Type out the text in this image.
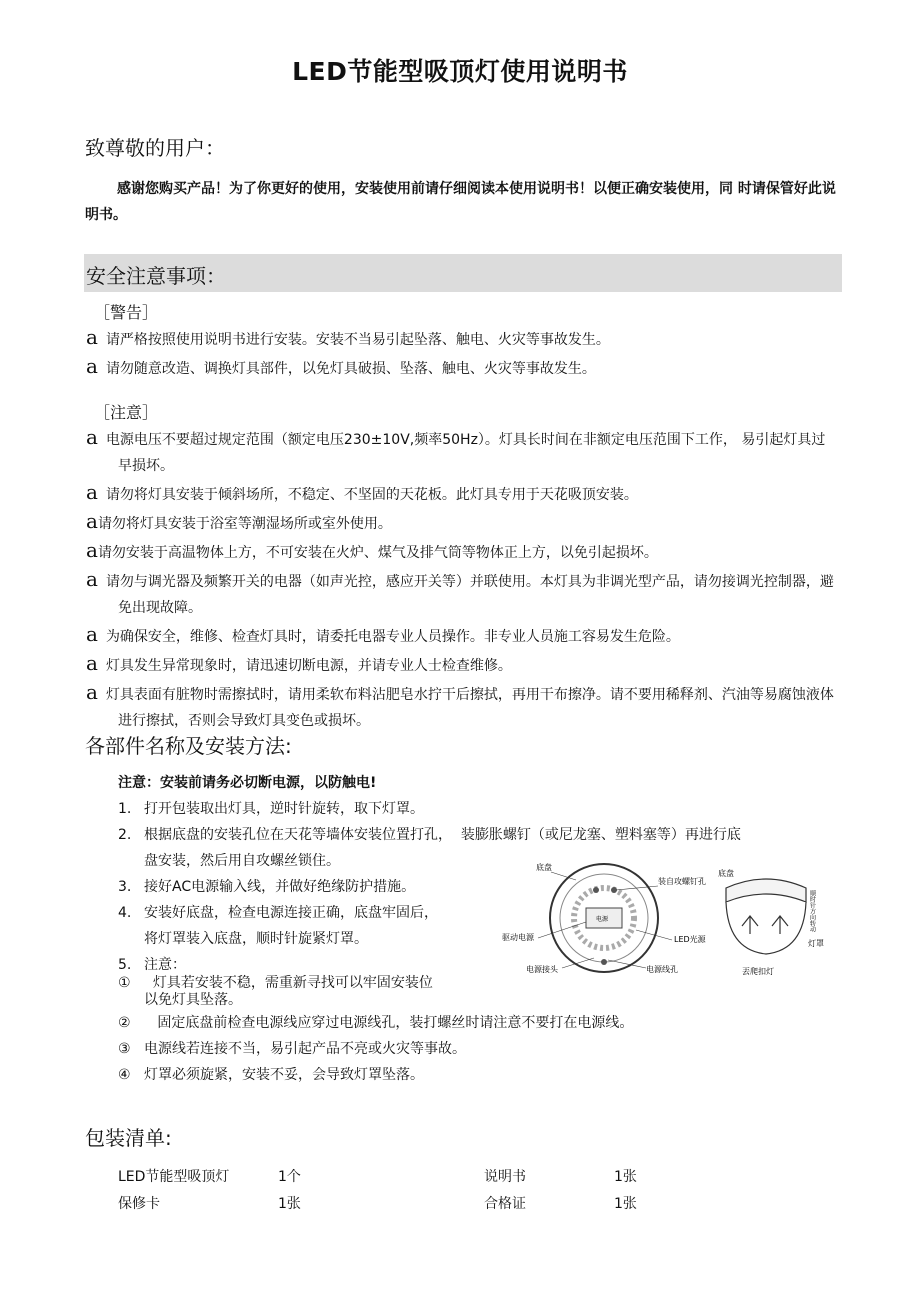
LED节能型吸顶灯使用说明书
致尊敬的用户：
感谢您购买产品！为了你更好的使用，安装使用前请仔细阅读本使用说明书！以便正确安装使用，同 时请保管好此说明书。
安全注意事项：
［警告］
a 请严格按照使用说明书进行安装。安装不当易引起坠落、触电、火灾等事故发生。
a 请勿随意改造、调换灯具部件，以免灯具破损、坠落、触电、火灾等事故发生。
［注意］
a 电源电压不要超过规定范围（额定电压230±10V,频率50Hz）。灯具长时间在非额定电压范围下工作， 易引起灯具过早损坏。
a 请勿将灯具安装于倾斜场所，不稳定、不坚固的天花板。此灯具专用于天花吸顶安装。
a请勿将灯具安装于浴室等潮湿场所或室外使用。
a请勿安装于高温物体上方，不可安装在火炉、煤气及排气筒等物体正上方，以免引起损坏。
a 请勿与调光器及频繁开关的电器（如声光控，感应开关等）并联使用。本灯具为非调光型产品，请勿接调光控制器，避免出现故障。
a 为确保安全，维修、检查灯具时，请委托电器专业人员操作。非专业人员施工容易发生危险。
a 灯具发生异常现象时，请迅速切断电源，并请专业人士检查维修。
a 灯具表面有脏物时需擦拭时，请用柔软布料沾肥皂水拧干后擦拭，再用干布擦净。请不要用稀释剂、汽油等易腐蚀液体进行擦拭，否则会导致灯具变色或损坏。
各部件名称及安装方法:
注意：安装前请务必切断电源，以防触电!
1. 打开包装取出灯具，逆时针旋转，取下灯罩。
2. 根据底盘的安装孔位在天花等墙体安装位置打孔， 装膨胀螺钉（或尼龙塞、塑料塞等）再进行底
盘安装，然后用自攻螺丝锁住。
3. 接好AC电源输入线，并做好绝缘防护措施。
4. 安装好底盘，检查电源连接正确，底盘牢固后，
将灯罩装入底盘，顺时针旋紧灯罩。
5. 注意：
① 灯具若安装不稳，需重新寻找可以牢固安装位
以免灯具坠落。
② 固定底盘前检查电源线应穿过电源线孔，装打螺丝时请注意不要打在电源线。
③ 电源线若连接不当，易引起产品不亮或火灾等事故。
④ 灯罩必须旋紧，安装不妥，会导致灯罩坠落。
底盘
装自攻螺钉孔
驱动电源
电源
LED光源
电源接头	电源线孔
底盘
顺时针方向转动
灯罩
丟爬扣灯
包装清单:
LED节能型吸顶灯	1个	说明书	1张
保修卡	1张	合格证	1张
